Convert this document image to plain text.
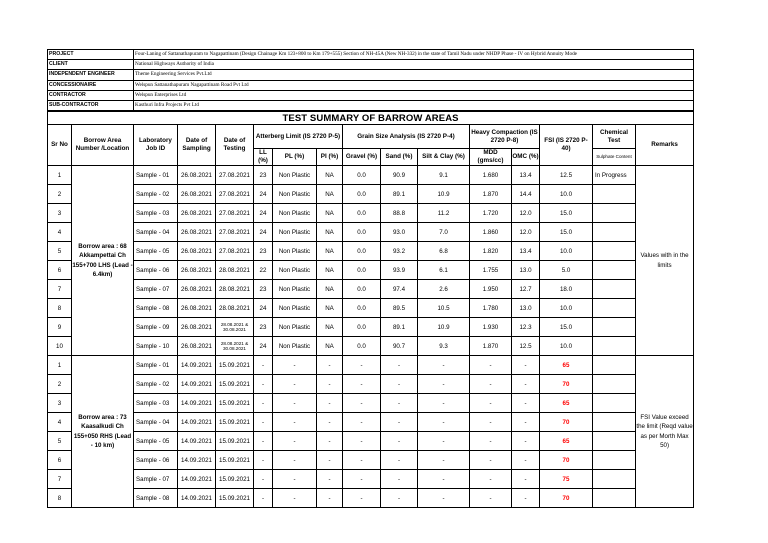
PROJECT	Four-Laning of Sattanathapuram to Nagapattinam (Design Chainage Km 123+800 to Km 179+555) Section of NH-45A (New NH-332) in the state of Tamil Nadu under NHDP Phase - IV on Hybrid Annuity Mode
CLIENT	National Highways Authority of India
INDEPENDENT ENGINEER	Theme Engineering Services Pvt.Ltd
CONCESSIONAIRE	Welspun Sattanathapuram Nagapattinam Road Pvt Ltd
CONTRACTOR	Welspun Enterprises Ltd
SUB-CONTRACTOR	Kasthuri Infra Projects Pvt Ltd
TEST SUMMARY OF BARROW AREAS															
Sr No	Borrow Area Number /Location	Laboratory Job ID	Date of Sampling	Date of Testing	Atterberg Limit (IS 2720 P-5)			Grain Size Analysis (IS 2720 P-4)			Heavy Compaction (IS 2720 P-8)		FSI (IS 2720 P-40)	Chemical Test	Remarks
					LL (%)	PL (%)	PI (%)	Gravel (%)	Sand (%)	Silt & Clay (%)	MDD (gms/cc)	OMC (%)		Sulphate Content	
1	Borrow area : 68 Akkampettai Ch 155+700 LHS (Lead - 6.4km)	Sample - 01	26.08.2021	27.08.2021	23	Non Plastic	NA	0.0	90.9	9.1	1.680	13.4	12.5	In Progress	Values with in the limits
2		Sample - 02	26.08.2021	27.08.2021	24	Non Plastic	NA	0.0	89.1	10.9	1.870	14.4	10.0		
3		Sample - 03	26.08.2021	27.08.2021	24	Non Plastic	NA	0.0	88.8	11.2	1.720	12.0	15.0		
4		Sample - 04	26.08.2021	27.08.2021	24	Non Plastic	NA	0.0	93.0	7.0	1.860	12.0	15.0		
5		Sample - 05	26.08.2021	27.08.2021	23	Non Plastic	NA	0.0	93.2	6.8	1.820	13.4	10.0		
6		Sample - 06	26.08.2021	28.08.2021	22	Non Plastic	NA	0.0	93.9	6.1	1.755	13.0	5.0		
7		Sample - 07	26.08.2021	28.08.2021	23	Non Plastic	NA	0.0	97.4	2.6	1.950	12.7	18.0		
8		Sample - 08	26.08.2021	28.08.2021	24	Non Plastic	NA	0.0	89.5	10.5	1.780	13.0	10.0		
9		Sample - 09	26.08.2021	28.08.2021 & 30.08.2021	23	Non Plastic	NA	0.0	89.1	10.9	1.930	12.3	15.0		
10		Sample - 10	26.08.2021	28.08.2021 & 30.08.2021	24	Non Plastic	NA	0.0	90.7	9.3	1.870	12.5	10.0		
1	Borrow area : 73 Kaasalkudi Ch 155+050 RHS (Lead - 10 km)	Sample - 01	14.09.2021	15.09.2021	-	-	-	-	-	-	-	-	65		FSI Value exceed the limit (Reqd value as per Morth Max 50)
2		Sample - 02	14.09.2021	15.09.2021	-	-	-	-	-	-	-	-	70		
3		Sample - 03	14.09.2021	15.09.2021	-	-	-	-	-	-	-	-	65		
4		Sample - 04	14.09.2021	15.09.2021	-	-	-	-	-	-	-	-	70		
5		Sample - 05	14.09.2021	15.09.2021	-	-	-	-	-	-	-	-	65		
6		Sample - 06	14.09.2021	15.09.2021	-	-	-	-	-	-	-	-	70		
7		Sample - 07	14.09.2021	15.09.2021	-	-	-	-	-	-	-	-	75		
8		Sample - 08	14.09.2021	15.09.2021	-	-	-	-	-	-	-	-	70		
